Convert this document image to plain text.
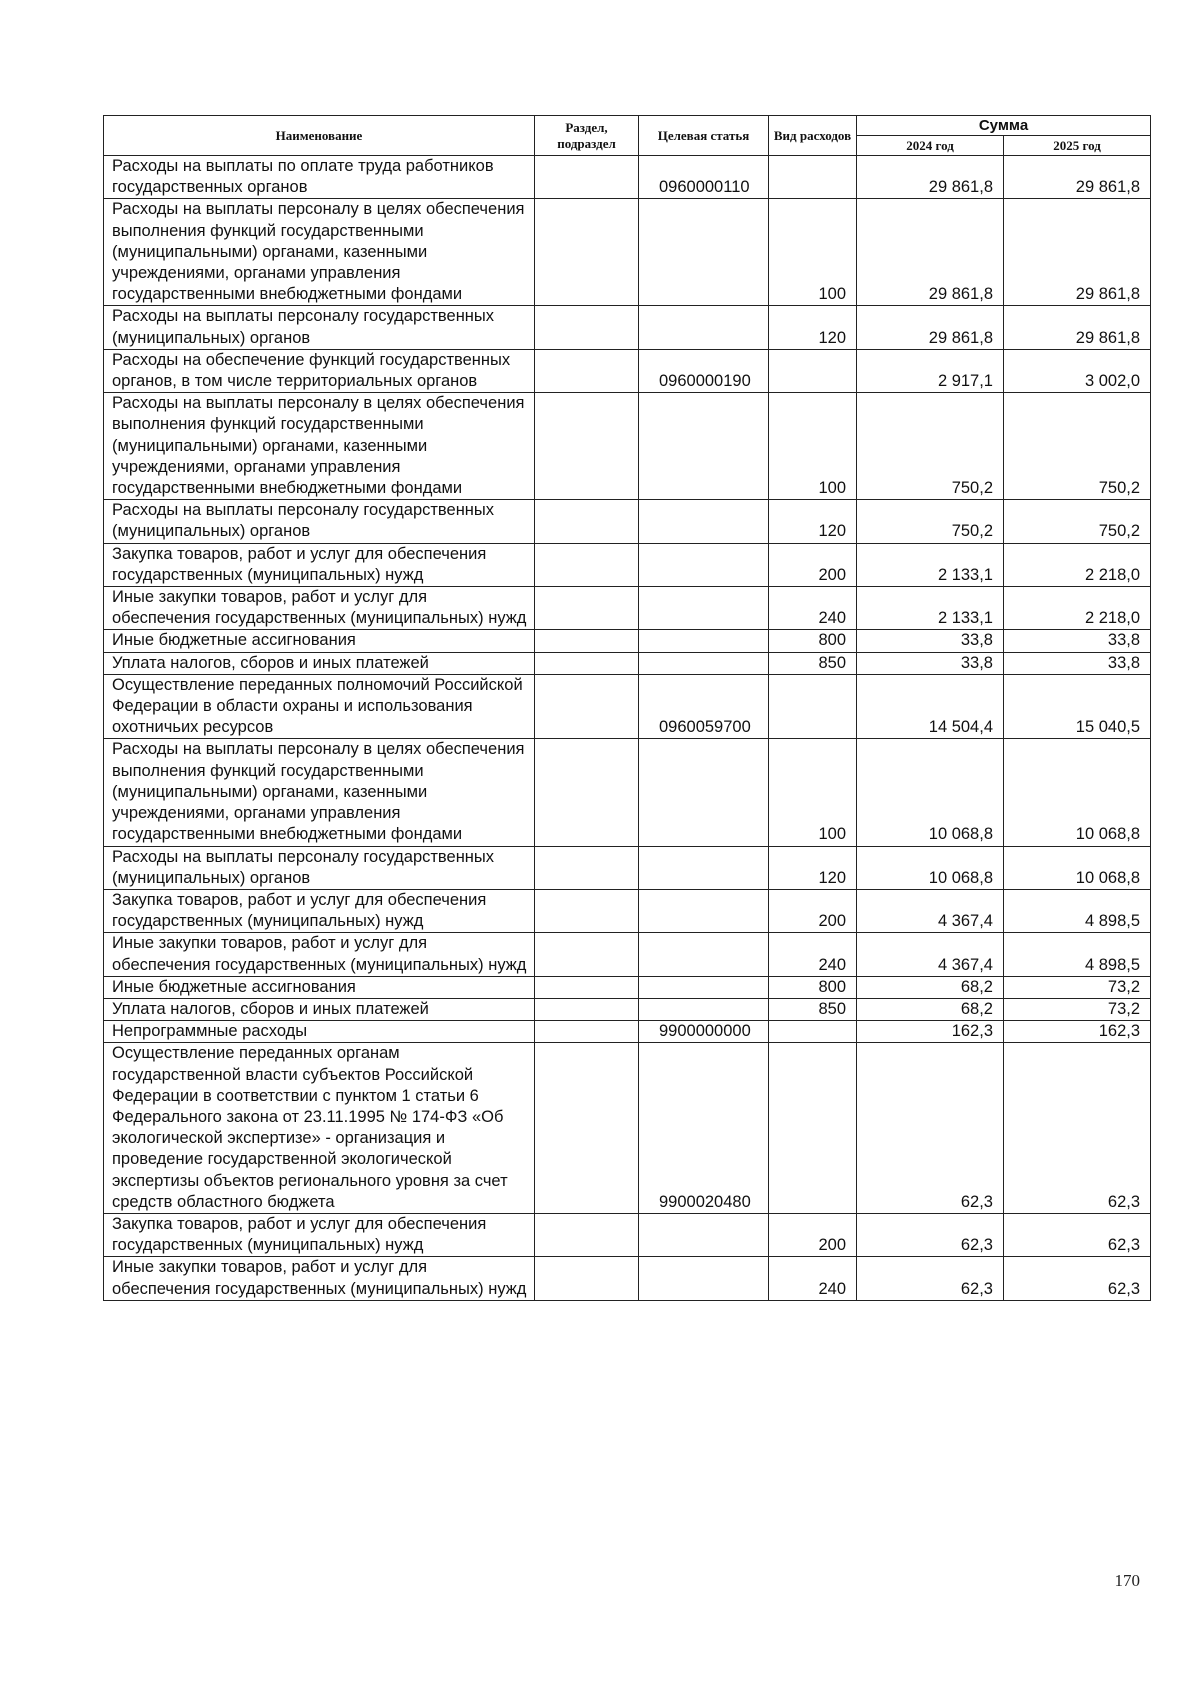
Наименование	Раздел, подраздел	Целевая статья	Вид расходов	Сумма	
				2024 год	2025 год
Расходы на выплаты по оплате труда работников государственных органов		0960000110		29 861,8	29 861,8
Расходы на выплаты персоналу в целях обеспечения выполнения функций государственными (муниципальными) органами, казенными учреждениями, органами управления государственными внебюджетными фондами			100	29 861,8	29 861,8
Расходы на выплаты персоналу государственных (муниципальных) органов			120	29 861,8	29 861,8
Расходы на обеспечение функций государственных органов, в том числе территориальных органов		0960000190		2 917,1	3 002,0
Расходы на выплаты персоналу в целях обеспечения выполнения функций государственными (муниципальными) органами, казенными учреждениями, органами управления государственными внебюджетными фондами			100	750,2	750,2
Расходы на выплаты персоналу государственных (муниципальных) органов			120	750,2	750,2
Закупка товаров, работ и услуг для обеспечения государственных (муниципальных) нужд			200	2 133,1	2 218,0
Иные закупки товаров, работ и услуг для обеспечения государственных (муниципальных) нужд			240	2 133,1	2 218,0
Иные бюджетные ассигнования			800	33,8	33,8
Уплата налогов, сборов и иных платежей			850	33,8	33,8
Осуществление переданных полномочий Российской Федерации в области охраны и использования охотничьих ресурсов		0960059700		14 504,4	15 040,5
Расходы на выплаты персоналу в целях обеспечения выполнения функций государственными (муниципальными) органами, казенными учреждениями, органами управления государственными внебюджетными фондами			100	10 068,8	10 068,8
Расходы на выплаты персоналу государственных (муниципальных) органов			120	10 068,8	10 068,8
Закупка товаров, работ и услуг для обеспечения государственных (муниципальных) нужд			200	4 367,4	4 898,5
Иные закупки товаров, работ и услуг для обеспечения государственных (муниципальных) нужд			240	4 367,4	4 898,5
Иные бюджетные ассигнования			800	68,2	73,2
Уплата налогов, сборов и иных платежей			850	68,2	73,2
Непрограммные расходы		9900000000		162,3	162,3
Осуществление переданных органам государственной власти субъектов Российской Федерации в соответствии с пунктом 1 статьи 6 Федерального закона от 23.11.1995 № 174-ФЗ «Об экологической экспертизе» - организация и проведение государственной экологической экспертизы объектов регионального уровня за счет средств областного бюджета		9900020480		62,3	62,3
Закупка товаров, работ и услуг для обеспечения государственных (муниципальных) нужд			200	62,3	62,3
Иные закупки товаров, работ и услуг для обеспечения государственных (муниципальных) нужд			240	62,3	62,3
170
